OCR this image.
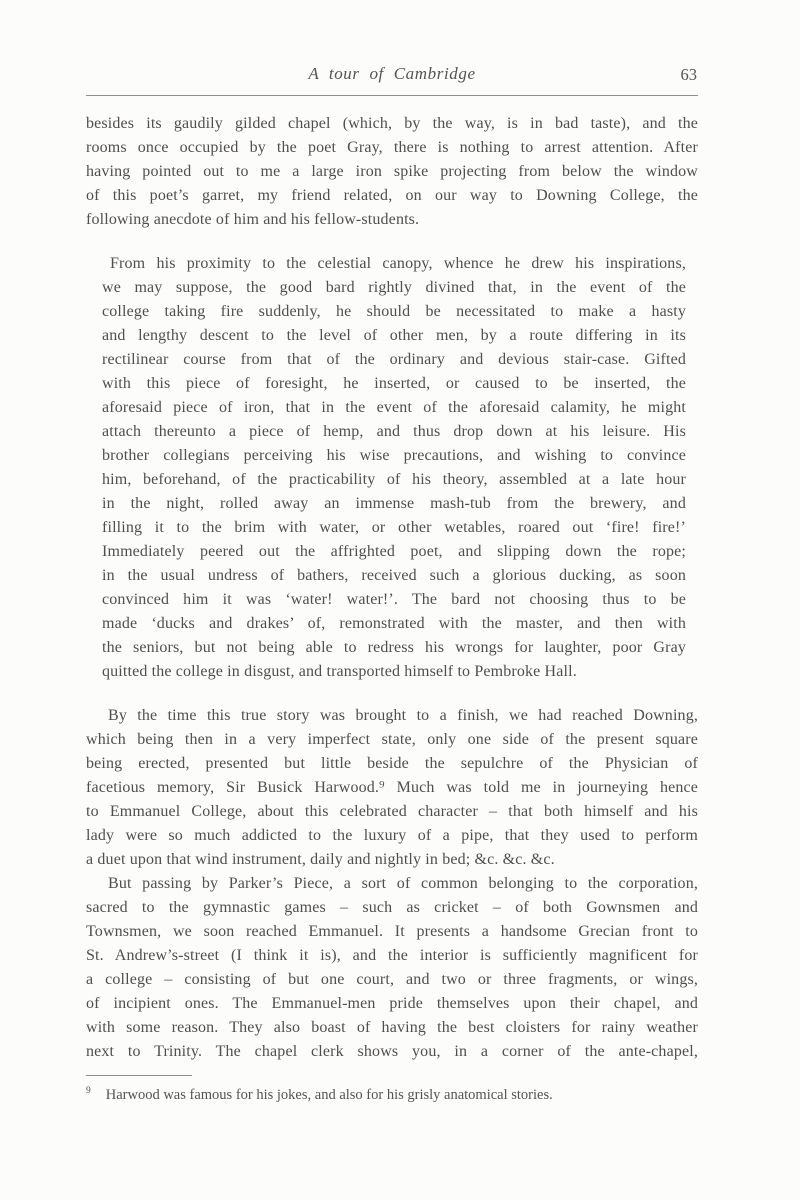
A tour of Cambridge	63
besides its gaudily gilded chapel (which, by the way, is in bad taste), and the
rooms once occupied by the poet Gray, there is nothing to arrest attention. After
having pointed out to me a large iron spike projecting from below the window
of this poet’s garret, my friend related, on our way to Downing College, the
following anecdote of him and his fellow-students.
From his proximity to the celestial canopy, whence he drew his inspirations,
we may suppose, the good bard rightly divined that, in the event of the
college taking fire suddenly, he should be necessitated to make a hasty
and lengthy descent to the level of other men, by a route differing in its
rectilinear course from that of the ordinary and devious stair-case. Gifted
with this piece of foresight, he inserted, or caused to be inserted, the
aforesaid piece of iron, that in the event of the aforesaid calamity, he might
attach thereunto a piece of hemp, and thus drop down at his leisure. His
brother collegians perceiving his wise precautions, and wishing to convince
him, beforehand, of the practicability of his theory, assembled at a late hour
in the night, rolled away an immense mash-tub from the brewery, and
filling it to the brim with water, or other wetables, roared out ‘fire! fire!’
Immediately peered out the affrighted poet, and slipping down the rope;
in the usual undress of bathers, received such a glorious ducking, as soon
convinced him it was ‘water! water!’. The bard not choosing thus to be
made ‘ducks and drakes’ of, remonstrated with the master, and then with
the seniors, but not being able to redress his wrongs for laughter, poor Gray
quitted the college in disgust, and transported himself to Pembroke Hall.
By the time this true story was brought to a finish, we had reached Downing,
which being then in a very imperfect state, only one side of the present square
being erected, presented but little beside the sepulchre of the Physician of
facetious memory, Sir Busick Harwood.⁹ Much was told me in journeying hence
to Emmanuel College, about this celebrated character – that both himself and his
lady were so much addicted to the luxury of a pipe, that they used to perform
a duet upon that wind instrument, daily and nightly in bed; &c. &c. &c.
But passing by Parker’s Piece, a sort of common belonging to the corporation,
sacred to the gymnastic games – such as cricket – of both Gownsmen and
Townsmen, we soon reached Emmanuel. It presents a handsome Grecian front to
St. Andrew’s-street (I think it is), and the interior is sufficiently magnificent for
a college – consisting of but one court, and two or three fragments, or wings,
of incipient ones. The Emmanuel-men pride themselves upon their chapel, and
with some reason. They also boast of having the best cloisters for rainy weather
next to Trinity. The chapel clerk shows you, in a corner of the ante-chapel,
$^9$ Harwood was famous for his jokes, and also for his grisly anatomical stories.
